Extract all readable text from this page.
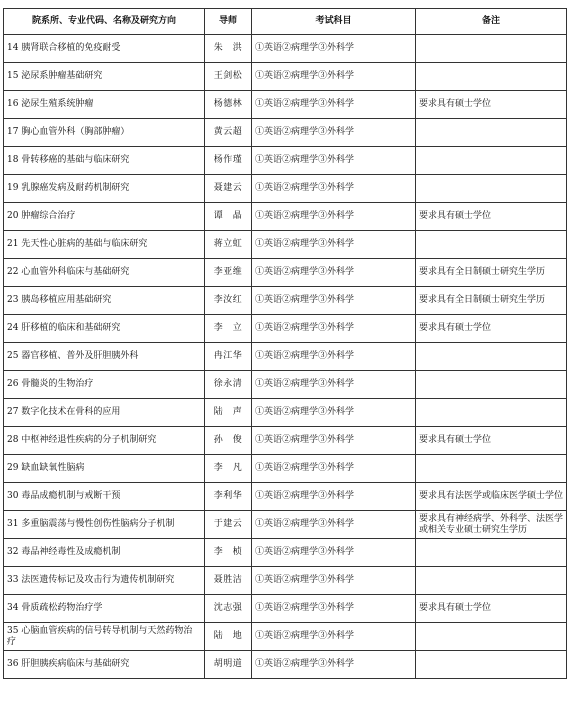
院系所、专业代码、名称及研究方向	导师	考试科目	备注
14 胰肾联合移植的免疫耐受	朱　洪	①英语②病理学③外科学	
15 泌尿系肿瘤基础研究	王剑松	①英语②病理学③外科学	
16 泌尿生殖系统肿瘤	杨德林	①英语②病理学③外科学	要求具有硕士学位
17 胸心血管外科（胸部肿瘤）	黄云超	①英语②病理学③外科学	
18 骨转移癌的基础与临床研究	杨作瑾	①英语②病理学③外科学	
19 乳腺癌发病及耐药机制研究	聂建云	①英语②病理学③外科学	
20 肿瘤综合治疗	谭　晶	①英语②病理学③外科学	要求具有硕士学位
21 先天性心脏病的基础与临床研究	蒋立虹	①英语②病理学③外科学	
22 心血管外科临床与基础研究	李亚维	①英语②病理学③外科学	要求具有全日制硕士研究生学历
23 胰岛移植应用基础研究	李汝红	①英语②病理学③外科学	要求具有全日制硕士研究生学历
24 肝移植的临床和基础研究	李　立	①英语②病理学③外科学	要求具有硕士学位
25 器官移植、普外及肝胆胰外科	冉江华	①英语②病理学③外科学	
26 骨髓炎的生物治疗	徐永清	①英语②病理学③外科学	
27 数字化技术在骨科的应用	陆　声	①英语②病理学③外科学	
28 中枢神经退性疾病的分子机制研究	孙　俊	①英语②病理学③外科学	要求具有硕士学位
29 缺血缺氧性脑病	李　凡	①英语②病理学③外科学	
30 毒品成瘾机制与戒断干预	李利华	①英语②病理学③外科学	要求具有法医学或临床医学硕士学位
31 多重脑震荡与慢性创伤性脑病分子机制	于建云	①英语②病理学③外科学	要求具有神经病学、外科学、法医学或相关专业硕士研究生学历
32 毒品神经毒性及成瘾机制	李　桢	①英语②病理学③外科学	
33 法医遗传标记及攻击行为遗传机制研究	聂胜洁	①英语②病理学③外科学	
34 骨质疏松药物治疗学	沈志强	①英语②病理学③外科学	要求具有硕士学位
35 心脑血管疾病的信号转导机制与天然药物治疗	陆　地	①英语②病理学③外科学	
36 肝胆胰疾病临床与基础研究	胡明道	①英语②病理学③外科学	
